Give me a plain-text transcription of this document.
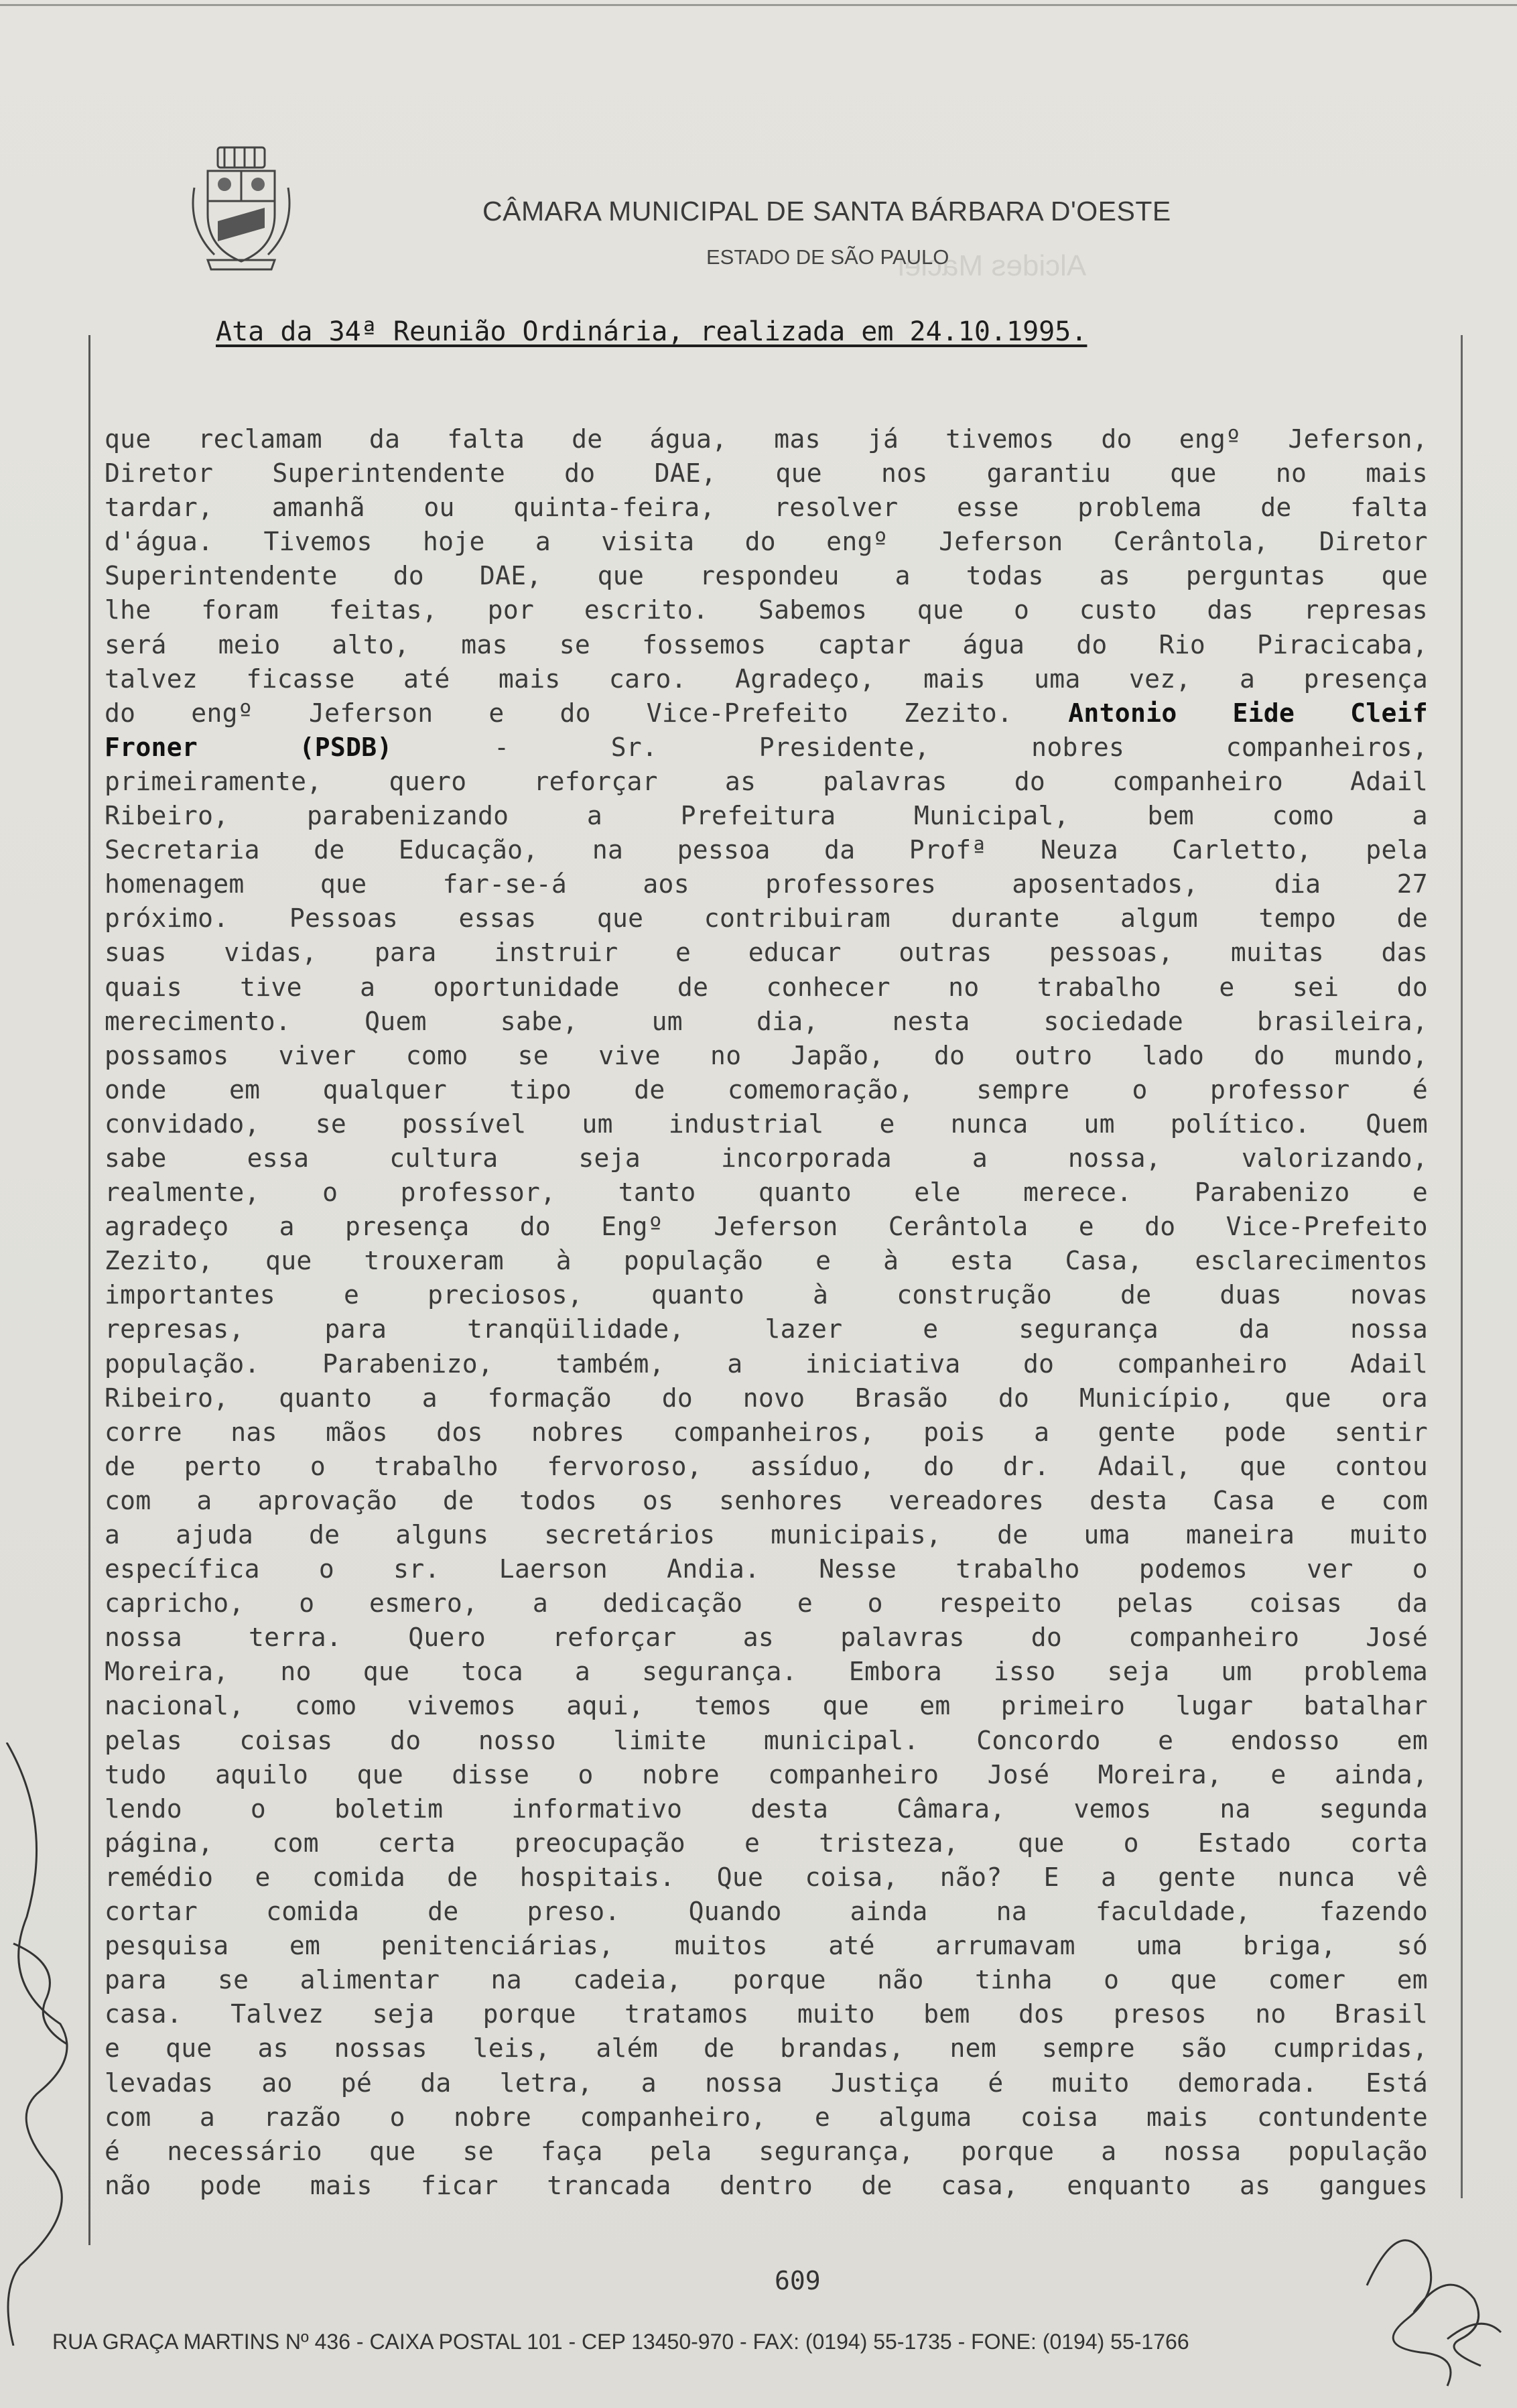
Alcides Maciel
CÂMARA MUNICIPAL DE SANTA BÁRBARA D'OESTE
ESTADO DE SÃO PAULO
Ata da 34ª Reunião Ordinária, realizada em 24.10.1995.
que reclamam da falta de água, mas já tivemos do engº Jeferson,
Diretor Superintendente do DAE, que nos garantiu que no mais
tardar, amanhã ou quinta-feira, resolver esse problema de falta
d'água. Tivemos hoje a visita do engº Jeferson Cerântola, Diretor
Superintendente do DAE, que respondeu a todas as perguntas que
lhe foram feitas, por escrito. Sabemos que o custo das represas
será meio alto, mas se fossemos captar água do Rio Piracicaba,
talvez ficasse até mais caro. Agradeço, mais uma vez, a presença
do engº Jeferson e do Vice-Prefeito Zezito. Antonio Eide Cleif
Froner (PSDB) - Sr. Presidente, nobres companheiros,
primeiramente, quero reforçar as palavras do companheiro Adail
Ribeiro, parabenizando a Prefeitura Municipal, bem como a
Secretaria de Educação, na pessoa da Profª Neuza Carletto, pela
homenagem que far-se-á aos professores aposentados, dia 27
próximo. Pessoas essas que contribuiram durante algum tempo de
suas vidas, para instruir e educar outras pessoas, muitas das
quais tive a oportunidade de conhecer no trabalho e sei do
merecimento. Quem sabe, um dia, nesta sociedade brasileira,
possamos viver como se vive no Japão, do outro lado do mundo,
onde em qualquer tipo de comemoração, sempre o professor é
convidado, se possível um industrial e nunca um político. Quem
sabe essa cultura seja incorporada a nossa, valorizando,
realmente, o professor, tanto quanto ele merece. Parabenizo e
agradeço a presença do Engº Jeferson Cerântola e do Vice-Prefeito
Zezito, que trouxeram à população e à esta Casa, esclarecimentos
importantes e preciosos, quanto à construção de duas novas
represas, para tranqüilidade, lazer e segurança da nossa
população. Parabenizo, também, a iniciativa do companheiro Adail
Ribeiro, quanto a formação do novo Brasão do Município, que ora
corre nas mãos dos nobres companheiros, pois a gente pode sentir
de perto o trabalho fervoroso, assíduo, do dr. Adail, que contou
com a aprovação de todos os senhores vereadores desta Casa e com
a ajuda de alguns secretários municipais, de uma maneira muito
específica o sr. Laerson Andia. Nesse trabalho podemos ver o
capricho, o esmero, a dedicação e o respeito pelas coisas da
nossa terra. Quero reforçar as palavras do companheiro José
Moreira, no que toca a segurança. Embora isso seja um problema
nacional, como vivemos aqui, temos que em primeiro lugar batalhar
pelas coisas do nosso limite municipal. Concordo e endosso em
tudo aquilo que disse o nobre companheiro José Moreira, e ainda,
lendo o boletim informativo desta Câmara, vemos na segunda
página, com certa preocupação e tristeza, que o Estado corta
remédio e comida de hospitais. Que coisa, não? E a gente nunca vê
cortar comida de preso. Quando ainda na faculdade, fazendo
pesquisa em penitenciárias, muitos até arrumavam uma briga, só
para se alimentar na cadeia, porque não tinha o que comer em
casa. Talvez seja porque tratamos muito bem dos presos no Brasil
e que as nossas leis, além de brandas, nem sempre são cumpridas,
levadas ao pé da letra, a nossa Justiça é muito demorada. Está
com a razão o nobre companheiro, e alguma coisa mais contundente
é necessário que se faça pela segurança, porque a nossa população
não pode mais ficar trancada dentro de casa, enquanto as gangues
609
RUA GRAÇA MARTINS Nº 436 - CAIXA POSTAL 101 - CEP 13450-970 - FAX: (0194) 55-1735 - FONE: (0194) 55-1766
